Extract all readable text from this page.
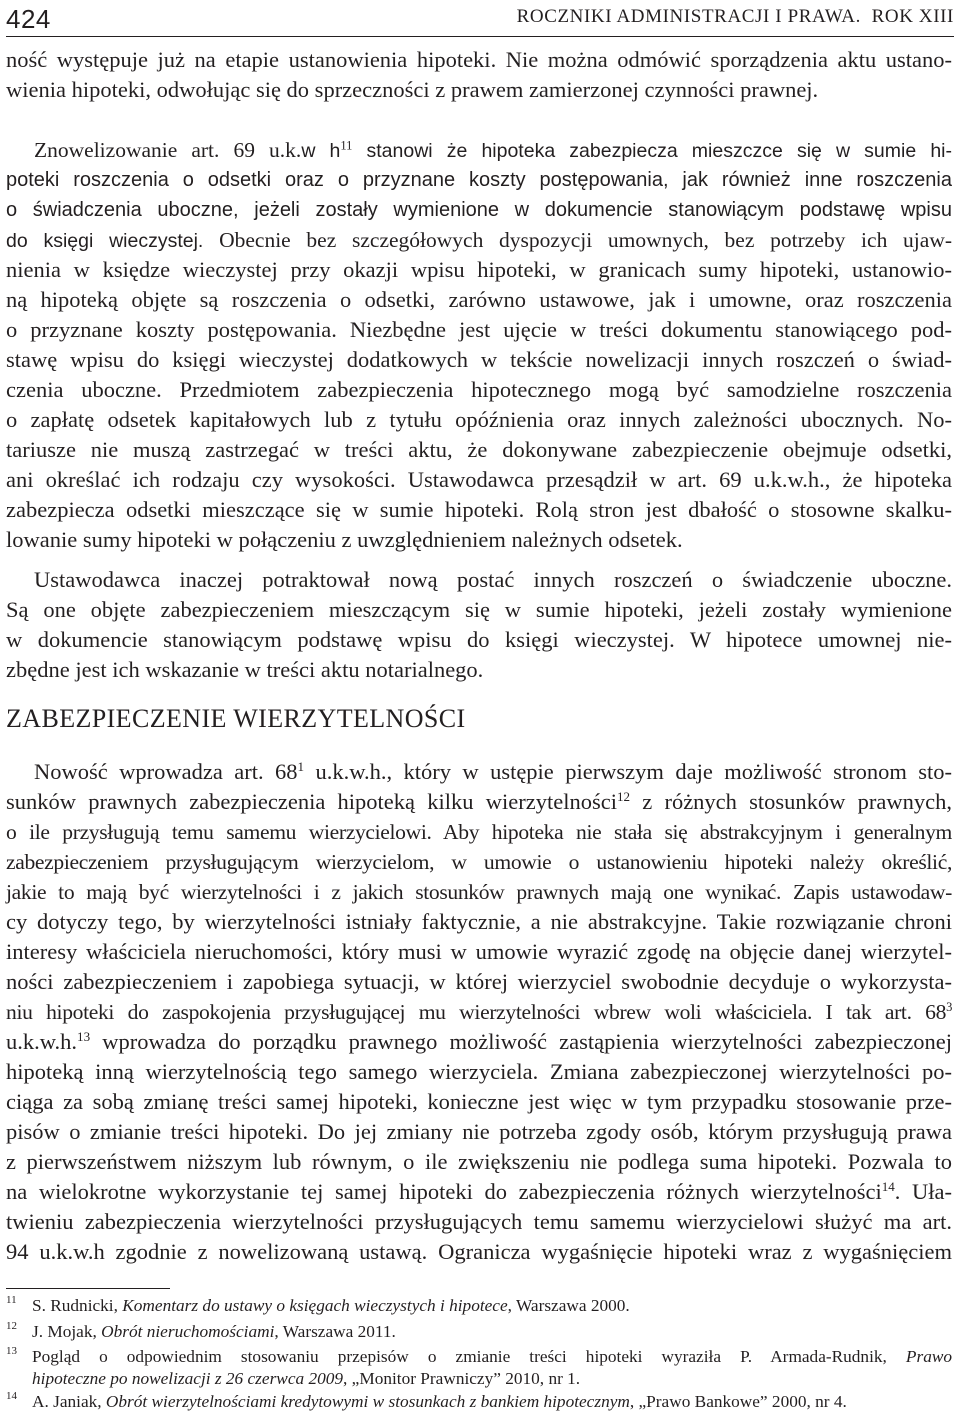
424	ROCZNIKI ADMINISTRACJI I PRAWA.  ROK XIII
ność występuje już na etapie ustanowienia hipoteki. Nie można odmówić sporządzenia aktu ustano-
wienia hipoteki, odwołując się do sprzeczności z prawem zamierzonej czynności prawnej.
Znowelizowanie art. 69 u.k.w $h^{11}$ stanowi że hipoteka zabezpiecza mieszczce się w sumie hi-
poteki roszczenia o odsetki oraz o przyznane koszty postępowania, jak również inne roszczenia
o świadczenia uboczne, jeżeli zostały wymienione w dokumencie stanowiącym podstawę wpisu
do księgi wieczystej. Obecnie bez szczegółowych dyspozycji umownych, bez potrzeby ich ujaw-
nienia w księdze wieczystej przy okazji wpisu hipoteki, w granicach sumy hipoteki, ustanowio-
ną hipoteką objęte są roszczenia o odsetki, zarówno ustawowe, jak i umowne, oraz roszczenia
o przyznane koszty postępowania. Niezbędne jest ujęcie w treści dokumentu stanowiącego pod-
stawę wpisu do księgi wieczystej dodatkowych w tekście nowelizacji innych roszczeń o świad-
czenia uboczne. Przedmiotem zabezpieczenia hipotecznego mogą być samodzielne roszczenia
o zapłatę odsetek kapitałowych lub z tytułu opóźnienia oraz innych zależności ubocznych. No-
tariusze nie muszą zastrzegać w treści aktu, że dokonywane zabezpieczenie obejmuje odsetki,
ani określać ich rodzaju czy wysokości. Ustawodawca przesądził w art. 69 u.k.w.h., że hipoteka
zabezpiecza odsetki mieszczące się w sumie hipoteki. Rolą stron jest dbałość o stosowne skalku-
lowanie sumy hipoteki w połączeniu z uwzględnieniem należnych odsetek.
Ustawodawca inaczej potraktował nową postać innych roszczeń o świadczenie uboczne.
Są one objęte zabezpieczeniem mieszczącym się w sumie hipoteki, jeżeli zostały wymienione
w dokumencie stanowiącym podstawę wpisu do księgi wieczystej. W hipotece umownej nie-
zbędne jest ich wskazanie w treści aktu notarialnego.
ZABEZPIECZENIE WIERZYTELNOŚCI
Nowość wprowadza art. $68^1$ u.k.w.h., który w ustępie pierwszym daje możliwość stronom sto-
sunków prawnych zabezpieczenia hipoteką kilku wierzytelności$^{12}$ z różnych stosunków prawnych,
o ile przysługują temu samemu wierzycielowi. Aby hipoteka nie stała się abstrakcyjnym i generalnym
zabezpieczeniem przysługującym wierzycielom, w umowie o ustanowieniu hipoteki należy określić,
jakie to mają być wierzytelności i z jakich stosunków prawnych mają one wynikać. Zapis ustawodaw-
cy dotyczy tego, by wierzytelności istniały faktycznie, a nie abstrakcyjne. Takie rozwiązanie chroni
interesy właściciela nieruchomości, który musi w umowie wyrazić zgodę na objęcie danej wierzytel-
ności zabezpieczeniem i zapobiega sytuacji, w której wierzyciel swobodnie decyduje o wykorzysta-
niu hipoteki do zaspokojenia przysługującej mu wierzytelności wbrew woli właściciela. I tak art. $68^3$
u.k.w.h.$^{13}$ wprowadza do porządku prawnego możliwość zastąpienia wierzytelności zabezpieczonej
hipoteką inną wierzytelnością tego samego wierzyciela. Zmiana zabezpieczonej wierzytelności po-
ciąga za sobą zmianę treści samej hipoteki, konieczne jest więc w tym przypadku stosowanie prze-
pisów o zmianie treści hipoteki. Do jej zmiany nie potrzeba zgody osób, którym przysługują prawa
z pierwszeństwem niższym lub równym, o ile zwiększeniu nie podlega suma hipoteki. Pozwala to
na wielokrotne wykorzystanie tej samej hipoteki do zabezpieczenia różnych wierzytelności$^{14}$. Uła-
twieniu zabezpieczenia wierzytelności przysługujących temu samemu wierzycielowi służyć ma art.
94 u.k.w.h zgodnie z nowelizowaną ustawą. Ogranicza wygaśnięcie hipoteki wraz z wygaśnięciem
11 S. Rudnicki, Komentarz do ustawy o księgach wieczystych i hipotece, Warszawa 2000.
12 J. Mojak, Obrót nieruchomościami, Warszawa 2011.
13 Pogląd o odpowiednim stosowaniu przepisów o zmianie treści hipoteki wyraziła P. Armada-Rudnik, Prawo
hipoteczne po nowelizacji z 26 czerwca 2009, „Monitor Prawniczy” 2010, nr 1.
14 A. Janiak, Obrót wierzytelnościami kredytowymi w stosunkach z bankiem hipotecznym, „Prawo Bankowe” 2000, nr 4.
